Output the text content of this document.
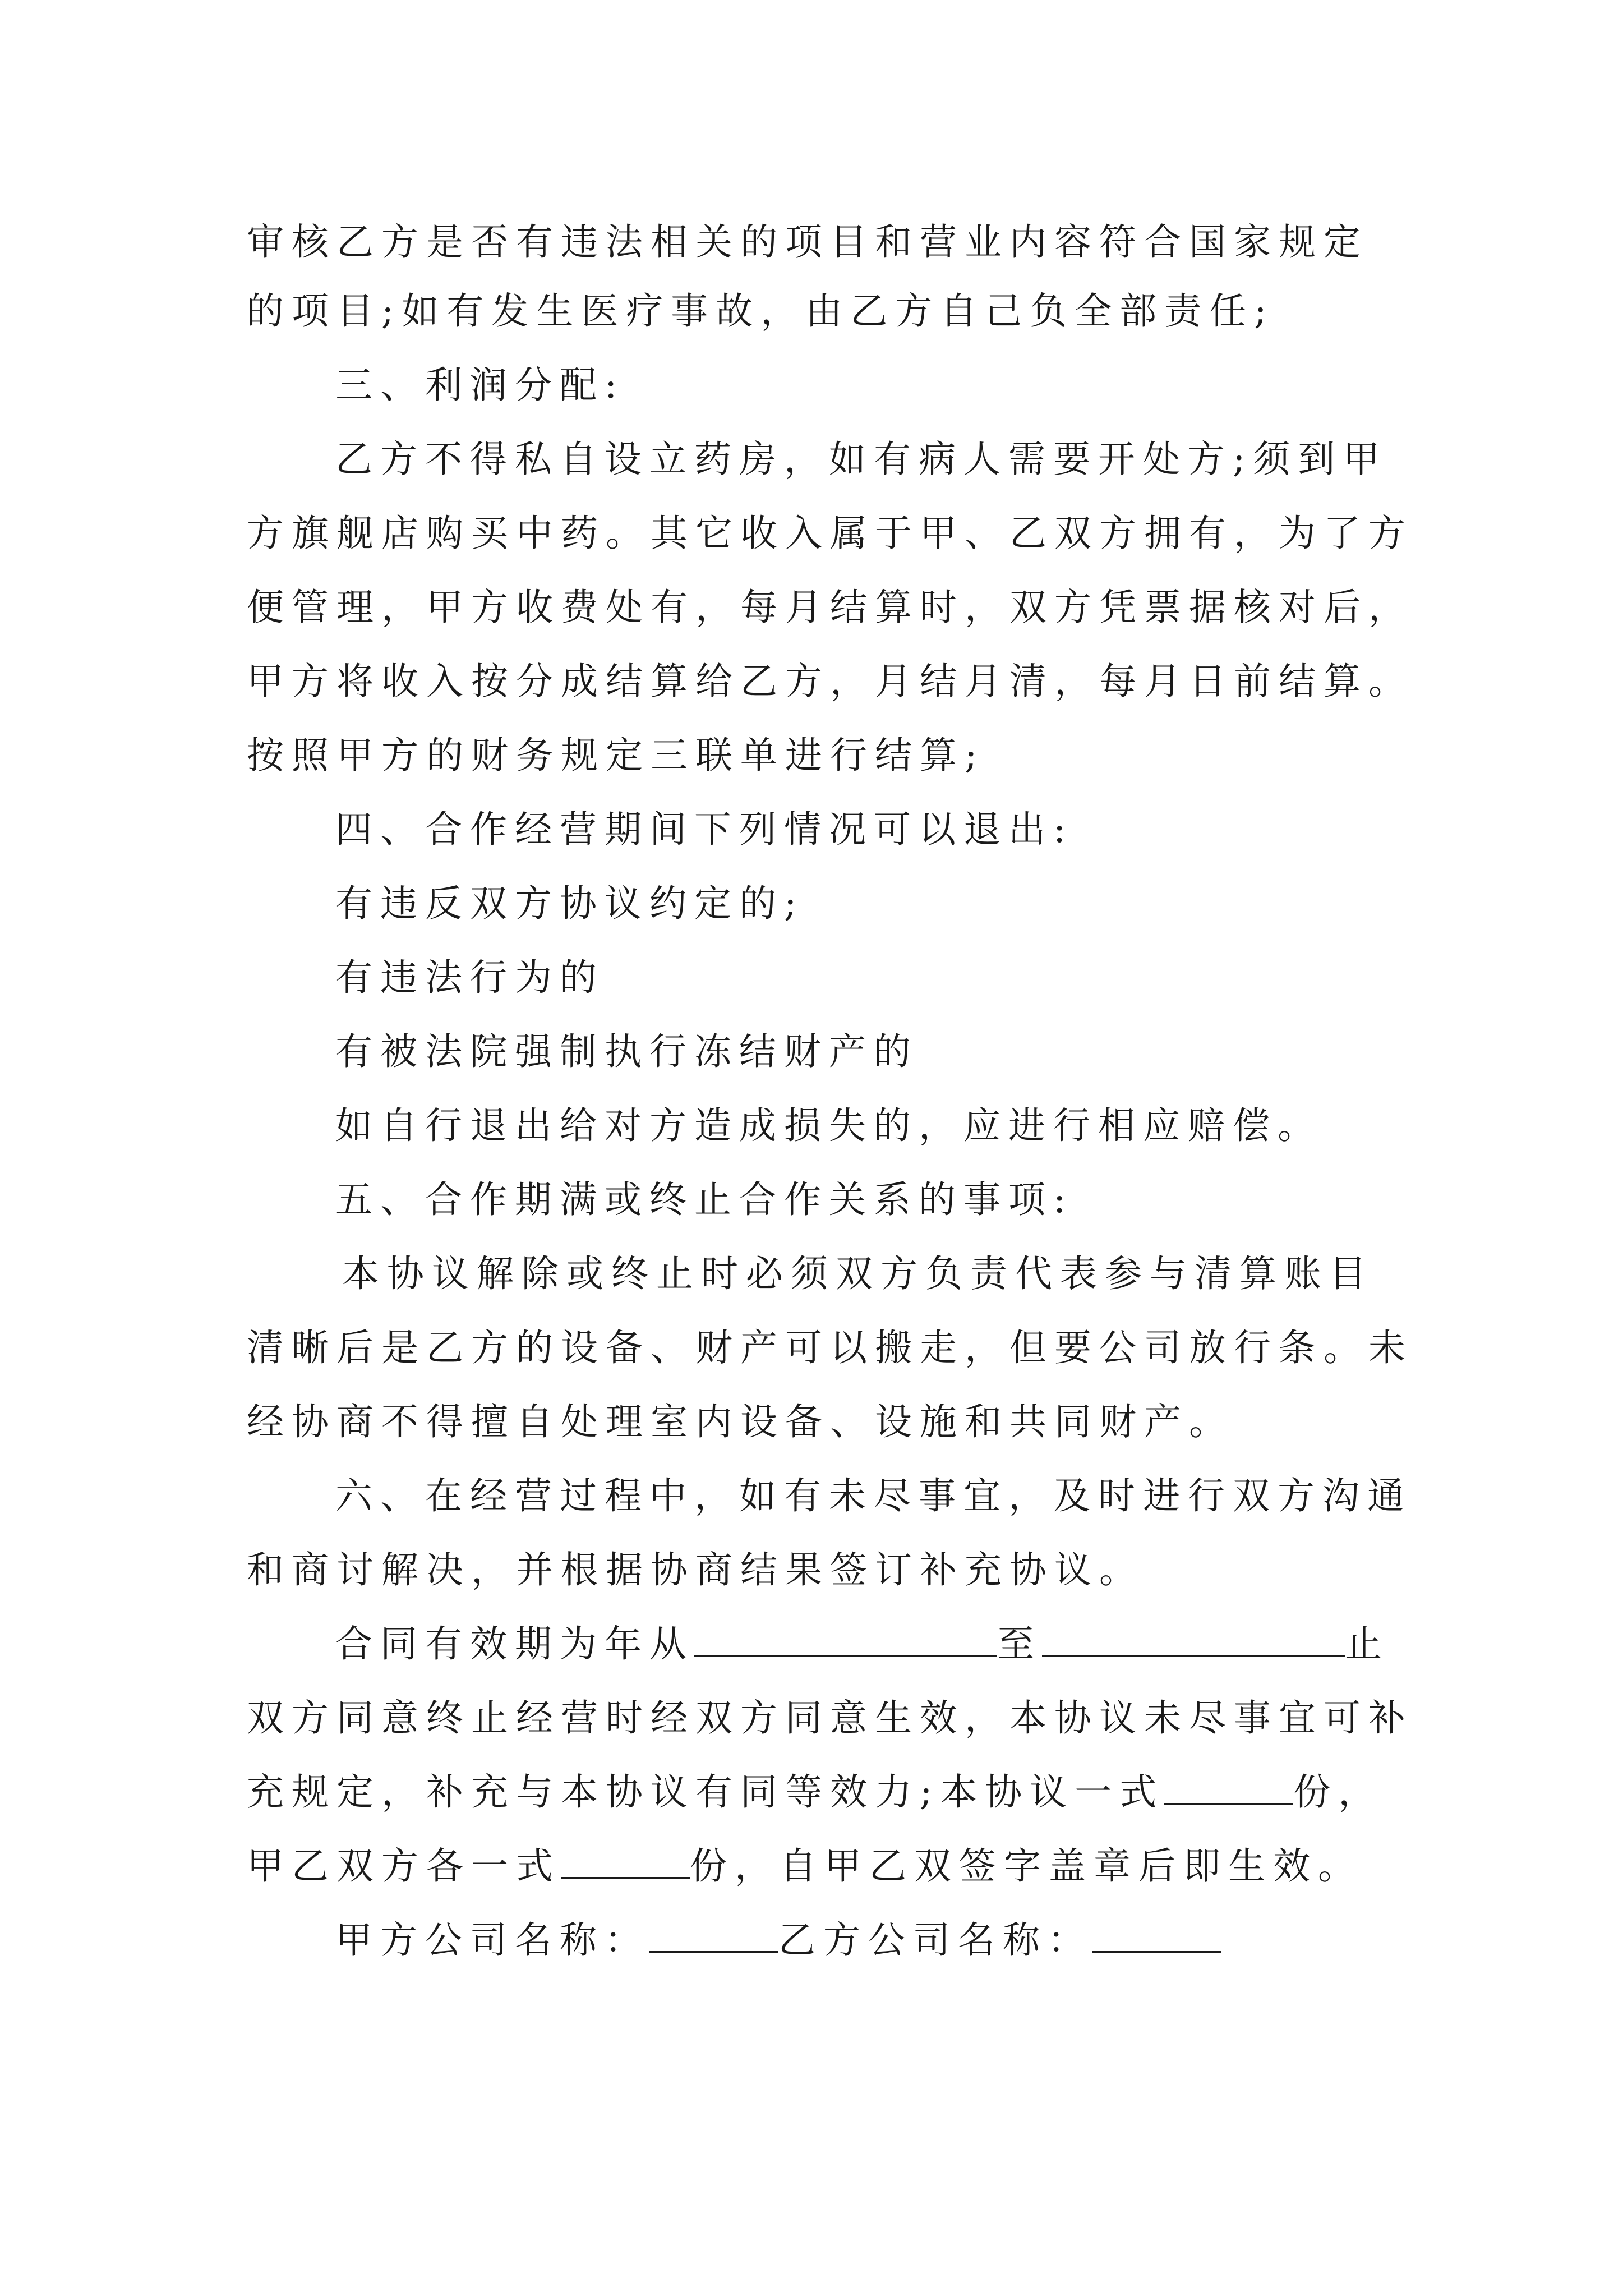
审核乙方是否有违法相关的项目和营业内容符合国家规定
的项目;如有发生医疗事故，由乙方自己负全部责任;
三、利润分配:
乙方不得私自设立药房，如有病人需要开处方;须到甲
方旗舰店购买中药。其它收入属于甲、乙双方拥有，为了方
便管理，甲方收费处有，每月结算时，双方凭票据核对后，
甲方将收入按分成结算给乙方，月结月清，每月日前结算。
按照甲方的财务规定三联单进行结算;
四、合作经营期间下列情况可以退出:
有违反双方协议约定的;
有违法行为的
有被法院强制执行冻结财产的
如自行退出给对方造成损失的，应进行相应赔偿。
五、合作期满或终止合作关系的事项:
本协议解除或终止时必须双方负责代表参与清算账目
清晰后是乙方的设备、财产可以搬走，但要公司放行条。未
经协商不得擅自处理室内设备、设施和共同财产。
六、在经营过程中，如有未尽事宜，及时进行双方沟通
和商讨解决，并根据协商结果签订补充协议。
合同有效期为年从	至	止
双方同意终止经营时经双方同意生效，本协议未尽事宜可补
充规定，补充与本协议有同等效力;本协议一式	份，
甲乙双方各一式	份，自甲乙双签字盖章后即生效。
甲方公司名称：	乙方公司名称：
